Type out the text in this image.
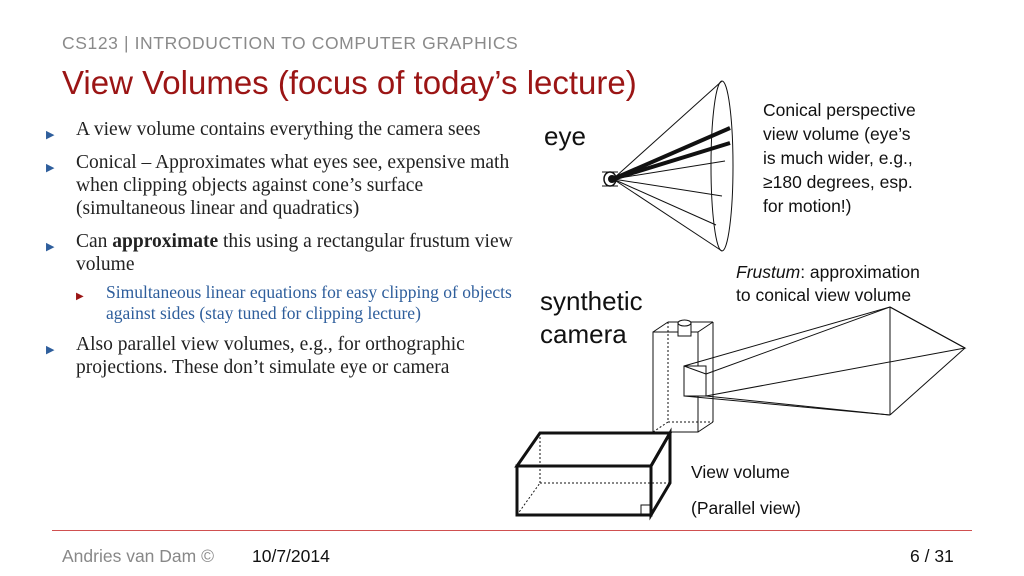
CS123 | INTRODUCTION TO COMPUTER GRAPHICS
View Volumes (focus of today’s lecture)
▶ A view volume contains everything the camera sees
▶ Conical – Approximates what eyes see, expensive math when clipping objects against cone’s surface (simultaneous linear and quadratics)
▶ Can approximate this using a rectangular frustum view volume
▶ Simultaneous linear equations for easy clipping of objects against sides (stay tuned for clipping lecture)
▶ Also parallel view volumes, e.g., for orthographic projections. These don’t simulate eye or camera
eye
synthetic
camera
Conical perspective
view volume (eye’s
is much wider, e.g.,
≥180 degrees, esp.
for motion!)
Frustum: approximation
to conical view volume
View volume
(Parallel view)
Andries van Dam © 10/7/2014	6 / 31
